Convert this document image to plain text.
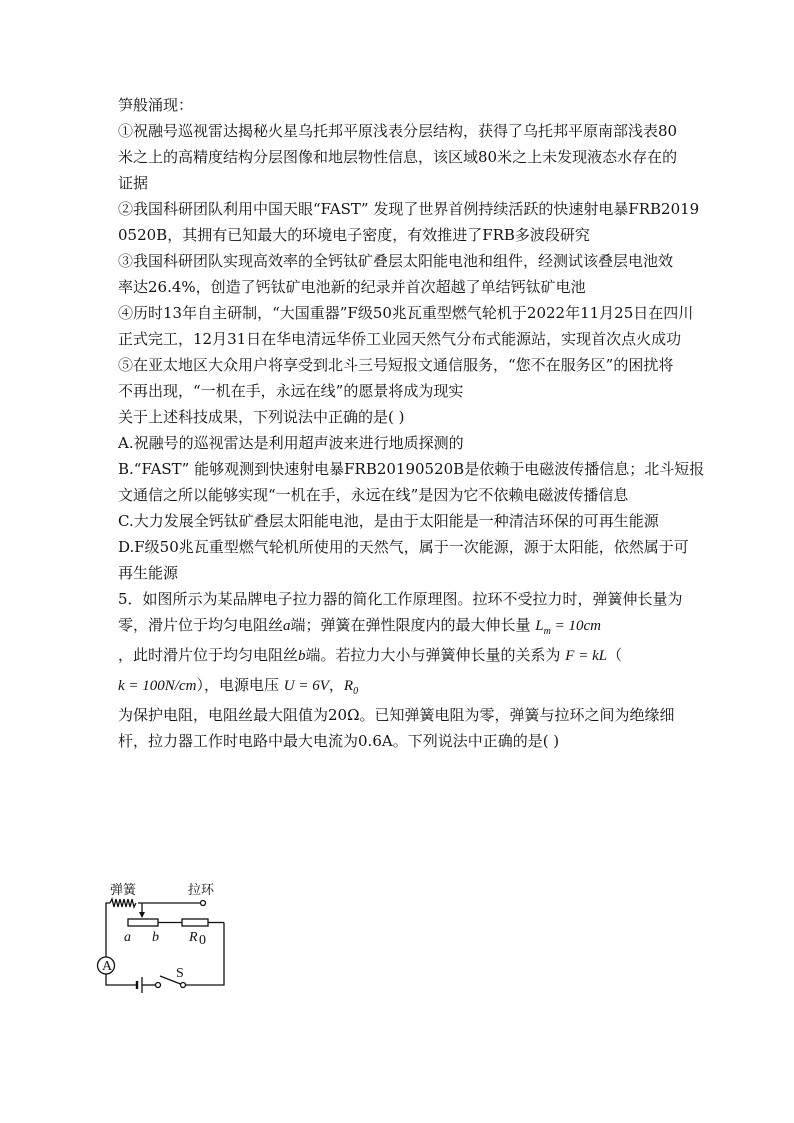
笋般涌现：
①祝融号巡视雷达揭秘火星乌托邦平原浅表分层结构，获得了乌托邦平原南部浅表80
米之上的高精度结构分层图像和地层物性信息，该区域80米之上未发现液态水存在的
证据
②我国科研团队利用中国天眼“FAST” 发现了世界首例持续活跃的快速射电暴FRB2019
0520B，其拥有已知最大的环境电子密度，有效推进了FRB多波段研究
③我国科研团队实现高效率的全钙钛矿叠层太阳能电池和组件，经测试该叠层电池效
率达26.4%，创造了钙钛矿电池新的纪录并首次超越了单结钙钛矿电池
④历时13年自主研制，“大国重器”F级50兆瓦重型燃气轮机于2022年11月25日在四川
正式完工，12月31日在华电清远华侨工业园天然气分布式能源站，实现首次点火成功
⑤在亚太地区大众用户将享受到北斗三号短报文通信服务，“您不在服务区”的困扰将
不再出现，“一机在手，永远在线”的愿景将成为现实
关于上述科技成果，下列说法中正确的是( )
A.祝融号的巡视雷达是利用超声波来进行地质探测的
B.“FAST” 能够观测到快速射电暴FRB20190520B是依赖于电磁波传播信息；北斗短报
文通信之所以能够实现“一机在手，永远在线”是因为它不依赖电磁波传播信息
C.大力发展全钙钛矿叠层太阳能电池，是由于太阳能是一种清洁环保的可再生能源
D.F级50兆瓦重型燃气轮机所使用的天然气，属于一次能源，源于太阳能，依然属于可
再生能源
5．如图所示为某品牌电子拉力器的简化工作原理图。拉环不受拉力时，弹簧伸长量为
零，滑片位于均匀电阻丝a端；弹簧在弹性限度内的最大伸长量 $L_m = 10cm$
，此时滑片位于均匀电阻丝b端。若拉力大小与弹簧伸长量的关系为 F = kL（
k = 100N/cm），电源电压 U = 6V，$R_0$
为保护电阻，电阻丝最大阻值为20Ω。已知弹簧电阻为零，弹簧与拉环之间为绝缘细
杆，拉力器工作时电路中最大电流为0.6A。下列说法中正确的是( )
弹簧	拉环
A
a b R 0
S
